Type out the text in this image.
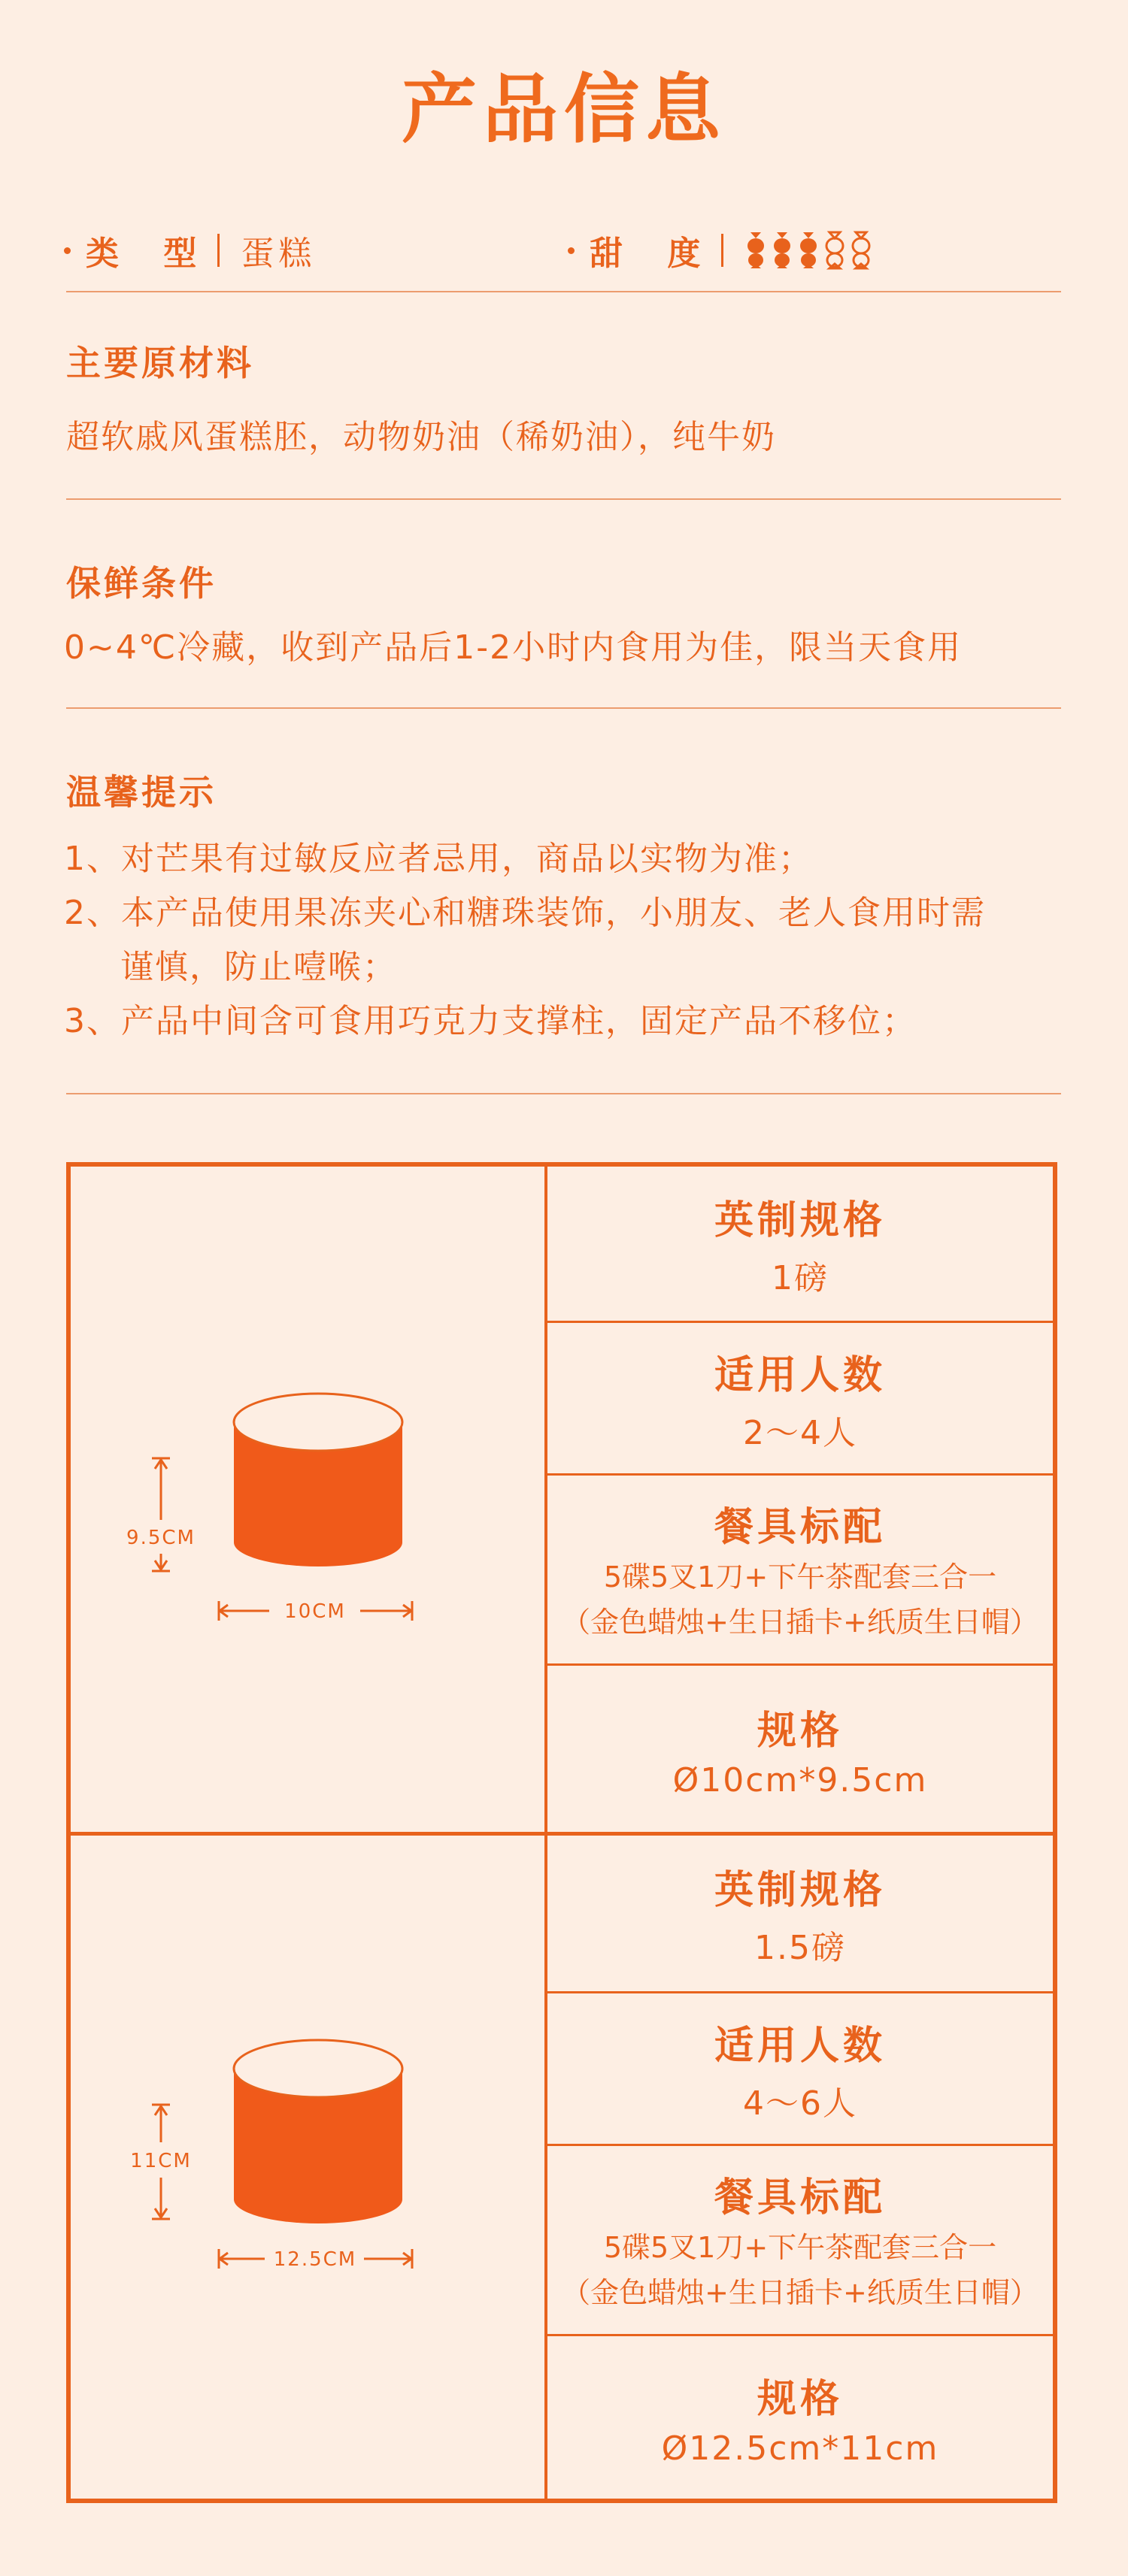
产品信息
类 型 蛋糕	甜 度
主要原材料
超软戚风蛋糕胚，动物奶油（稀奶油），纯牛奶
保鲜条件
0~4℃冷藏，收到产品后1-2小时内食用为佳，限当天食用
温馨提示
1、对芒果有过敏反应者忌用，商品以实物为准；
2、本产品使用果冻夹心和糖珠装饰，小朋友、老人食用时需
谨慎，防止噎喉；
3、产品中间含可食用巧克力支撑柱，固定产品不移位；
9.5CM
10CM
英制规格
1磅
适用人数
2～4人
餐具标配
5碟5叉1刀+下午茶配套三合一
（金色蜡烛+生日插卡+纸质生日帽）
规格
Ø10cm*9.5cm
11CM
12.5CM
英制规格
1.5磅
适用人数
4～6人
餐具标配
5碟5叉1刀+下午茶配套三合一
（金色蜡烛+生日插卡+纸质生日帽）
规格
Ø12.5cm*11cm
